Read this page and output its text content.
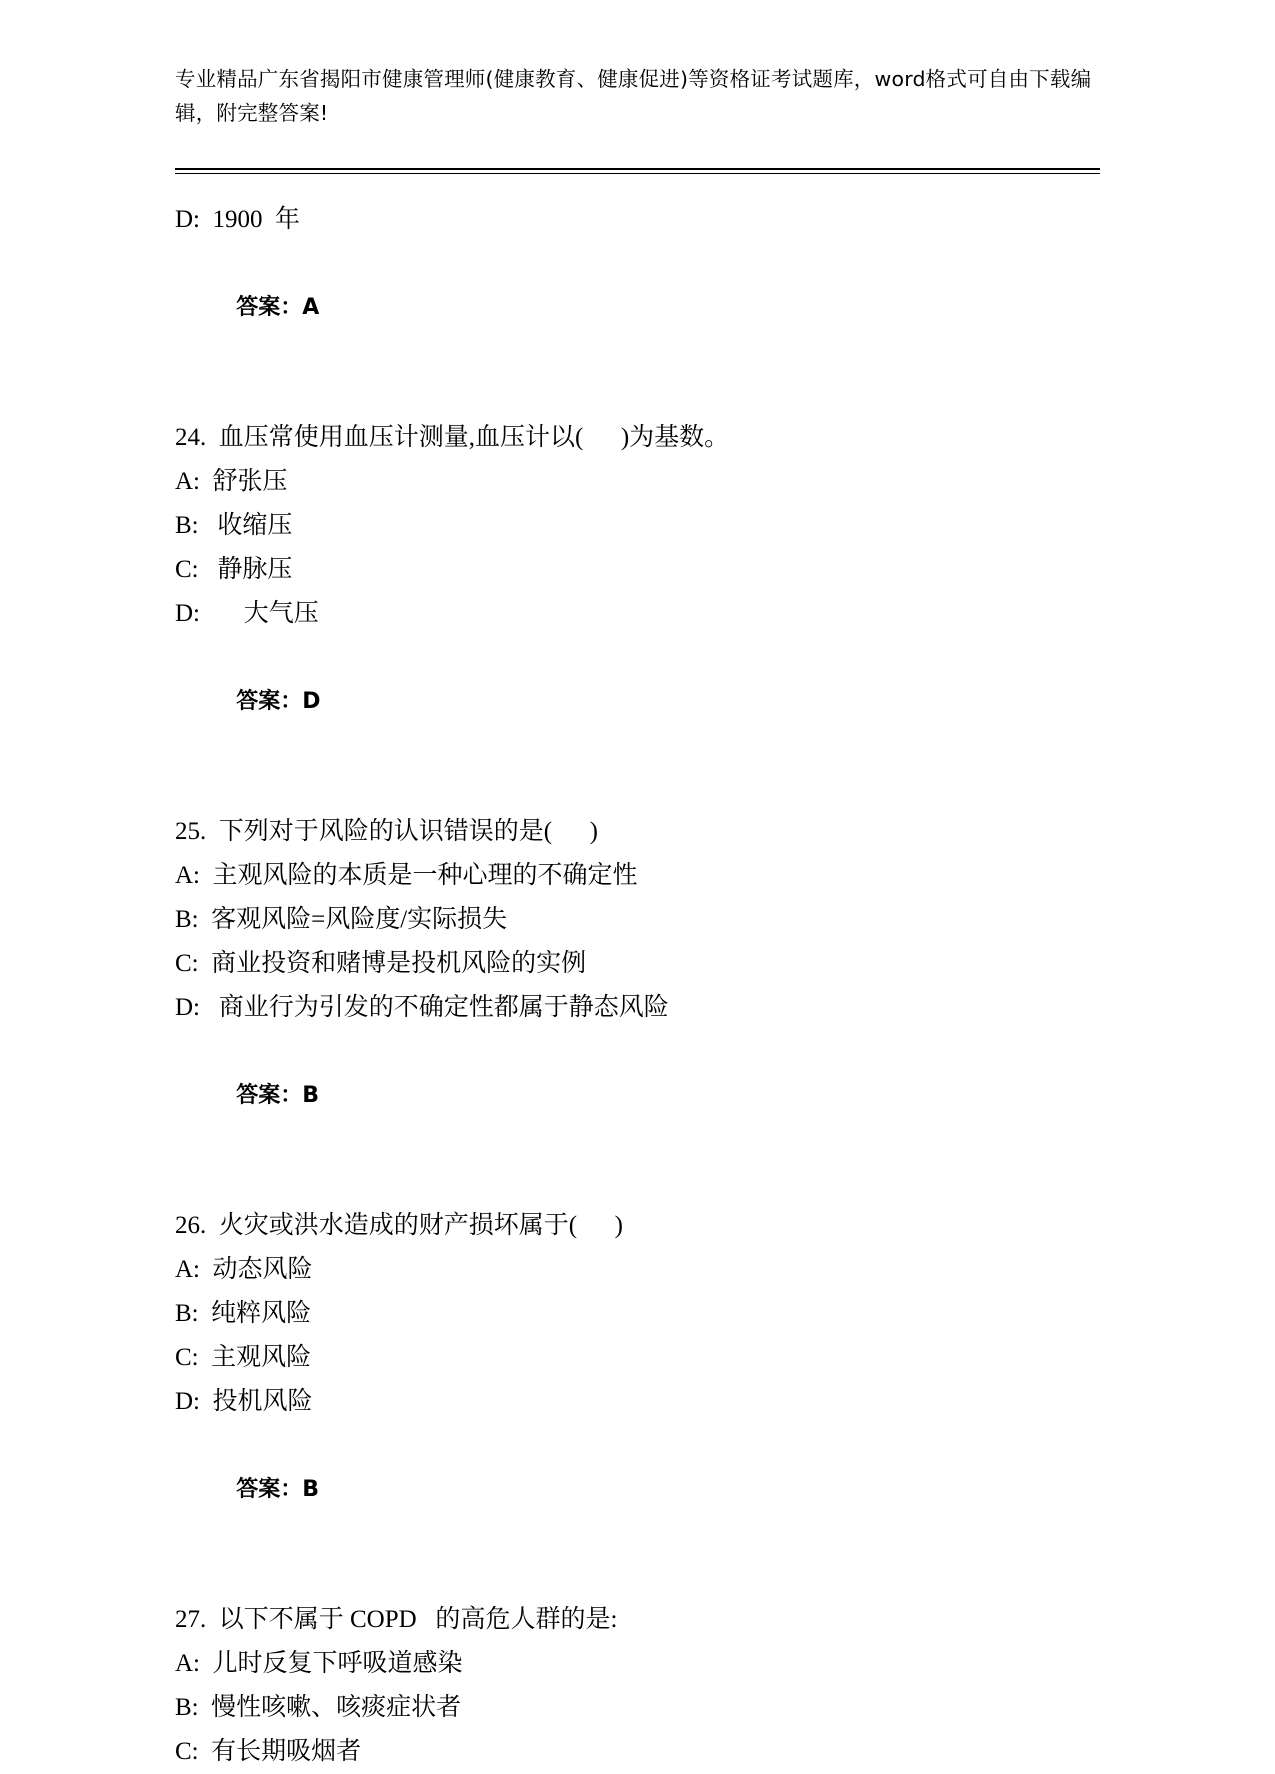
专业精品广东省揭阳市健康管理师(健康教育、健康促进)等资格证考试题库，word格式可自由下载编辑，附完整答案!
D:  1900  年

答案：A

24.  血压常使用血压计测量,血压计以(      )为基数。
A:  舒张压
B:   收缩压
C:   静脉压
D:       大气压

答案：D

25.  下列对于风险的认识错误的是(      )
A:  主观风险的本质是一种心理的不确定性
B:  客观风险=风险度/实际损失
C:  商业投资和赌博是投机风险的实例
D:   商业行为引发的不确定性都属于静态风险

答案：B

26.  火灾或洪水造成的财产损坏属于(      )
A:  动态风险
B:  纯粹风险
C:  主观风险
D:  投机风险

答案：B

27.  以下不属于 COPD   的高危人群的是:
A:  儿时反复下呼吸道感染
B:  慢性咳嗽、咳痰症状者
C:  有长期吸烟者
